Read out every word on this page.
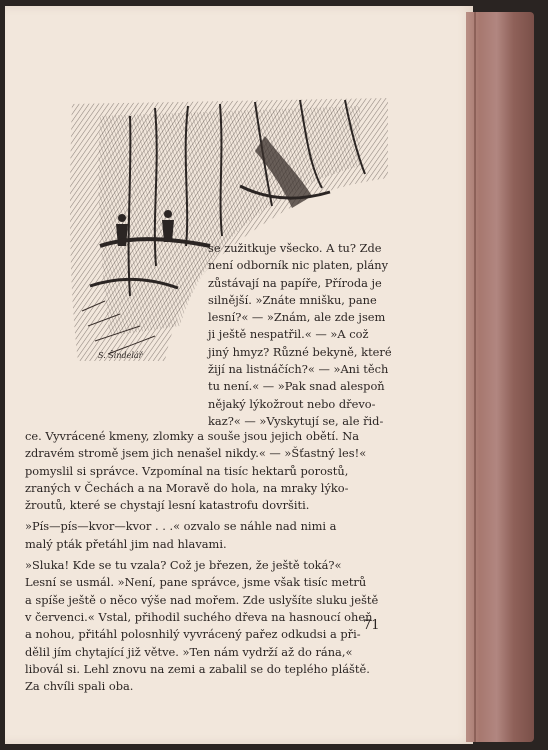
S. Šindelář
se zužitkuje všecko. A tu? Zde
není odborník nic platen, plány
zůstávají na papíře, Příroda je
silnější. »Znáte mnišku, pane
lesní?« — »Znám, ale zde jsem
ji ještě nespatřil.« — »A což
jiný hmyz? Různé bekyně, které
žijí na listnáčích?« — »Ani těch
tu není.« — »Pak snad alespoň
nějaký lýkožrout nebo dřevo-
kaz?« — »Vyskytují se, ale řid-
ce. Vyvrácené kmeny, zlomky a souše jsou jejich obětí. Na
zdravém stromě jsem jich nenašel nikdy.« — »Šťastný les!«
pomyslil si správce. Vzpomínal na tisíc hektarů porostů,
zraných v Čechách a na Moravě do hola, na mraky lýko-
žroutů, které se chystají lesní katastrofu dovršiti.
»Pís—pís—kvor—kvor . . .« ozvalo se náhle nad nimi a
malý pták přetáhl jim nad hlavami.
»Sluka! Kde se tu vzala? Což je březen, že ještě toká?«
Lesní se usmál. »Není, pane správce, jsme však tisíc metrů
a spíše ještě o něco výše nad mořem. Zde uslyšíte sluku ještě
v červenci.« Vstal, přihodil suchého dřeva na hasnoucí oheň
a nohou, přitáhl polosnhilý vyvrácený pařez odkudsi a při-
dělil jím chytající již větve. »Ten nám vydrží až do rána,«
libovál si. Lehl znovu na zemi a zabalil se do teplého pláště.
Za chvíli spali oba.
71
